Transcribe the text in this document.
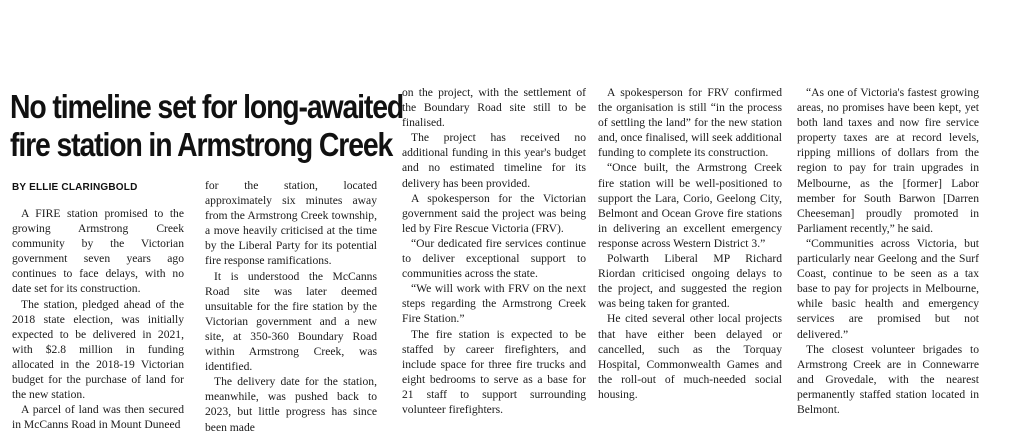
No timeline set for long-awaited
fire station in Armstrong Creek
BY ELLIE CLARINGBOLD

A FIRE station promised to the growing Armstrong Creek community by the Victorian government seven years ago continues to face delays, with no date set for its construction.

The station, pledged ahead of the 2018 state election, was initially expected to be delivered in 2021, with $2.8 million in funding allocated in the 2018-19 Victorian budget for the purchase of land for the new station.

A parcel of land was then secured in McCanns Road in Mount Duneed

for the station, located approximately six minutes away from the Armstrong Creek township, a move heavily criticised at the time by the Liberal Party for its potential fire response ramifications.

It is understood the McCanns Road site was later deemed unsuitable for the fire station by the Victorian government and a new site, at 350-360 Boundary Road within Armstrong Creek, was identified.

The delivery date for the station, meanwhile, was pushed back to 2023, but little progress has since been made

on the project, with the settlement of the Boundary Road site still to be finalised.

The project has received no additional funding in this year's budget and no estimated timeline for its delivery has been provided.

A spokesperson for the Victorian government said the project was being led by Fire Rescue Victoria (FRV).

“Our dedicated fire services continue to deliver exceptional support to communities across the state.

“We will work with FRV on the next steps regarding the Armstrong Creek Fire Station.”

The fire station is expected to be staffed by career firefighters, and include space for three fire trucks and eight bedrooms to serve as a base for 21 staff to support surrounding volunteer firefighters.

A spokesperson for FRV confirmed the organisation is still “in the process of settling the land” for the new station and, once finalised, will seek additional funding to complete its construction.

“Once built, the Armstrong Creek fire station will be well-positioned to support the Lara, Corio, Geelong City, Belmont and Ocean Grove fire stations in delivering an excellent emergency response across Western District 3.”

Polwarth Liberal MP Richard Riordan criticised ongoing delays to the project, and suggested the region was being taken for granted.

He cited several other local projects that have either been delayed or cancelled, such as the Torquay Hospital, Commonwealth Games and the roll-out of much-needed social housing.

“As one of Victoria's fastest growing areas, no promises have been kept, yet both land taxes and now fire service property taxes are at record levels, ripping millions of dollars from the region to pay for train upgrades in Melbourne, as the [former] Labor member for South Barwon [Darren Cheeseman] proudly promoted in Parliament recently,” he said.

“Communities across Victoria, but particularly near Geelong and the Surf Coast, continue to be seen as a tax base to pay for projects in Melbourne, while basic health and emergency services are promised but not delivered.”

The closest volunteer brigades to Armstrong Creek are in Connewarre and Grovedale, with the nearest permanently staffed station located in Belmont.
